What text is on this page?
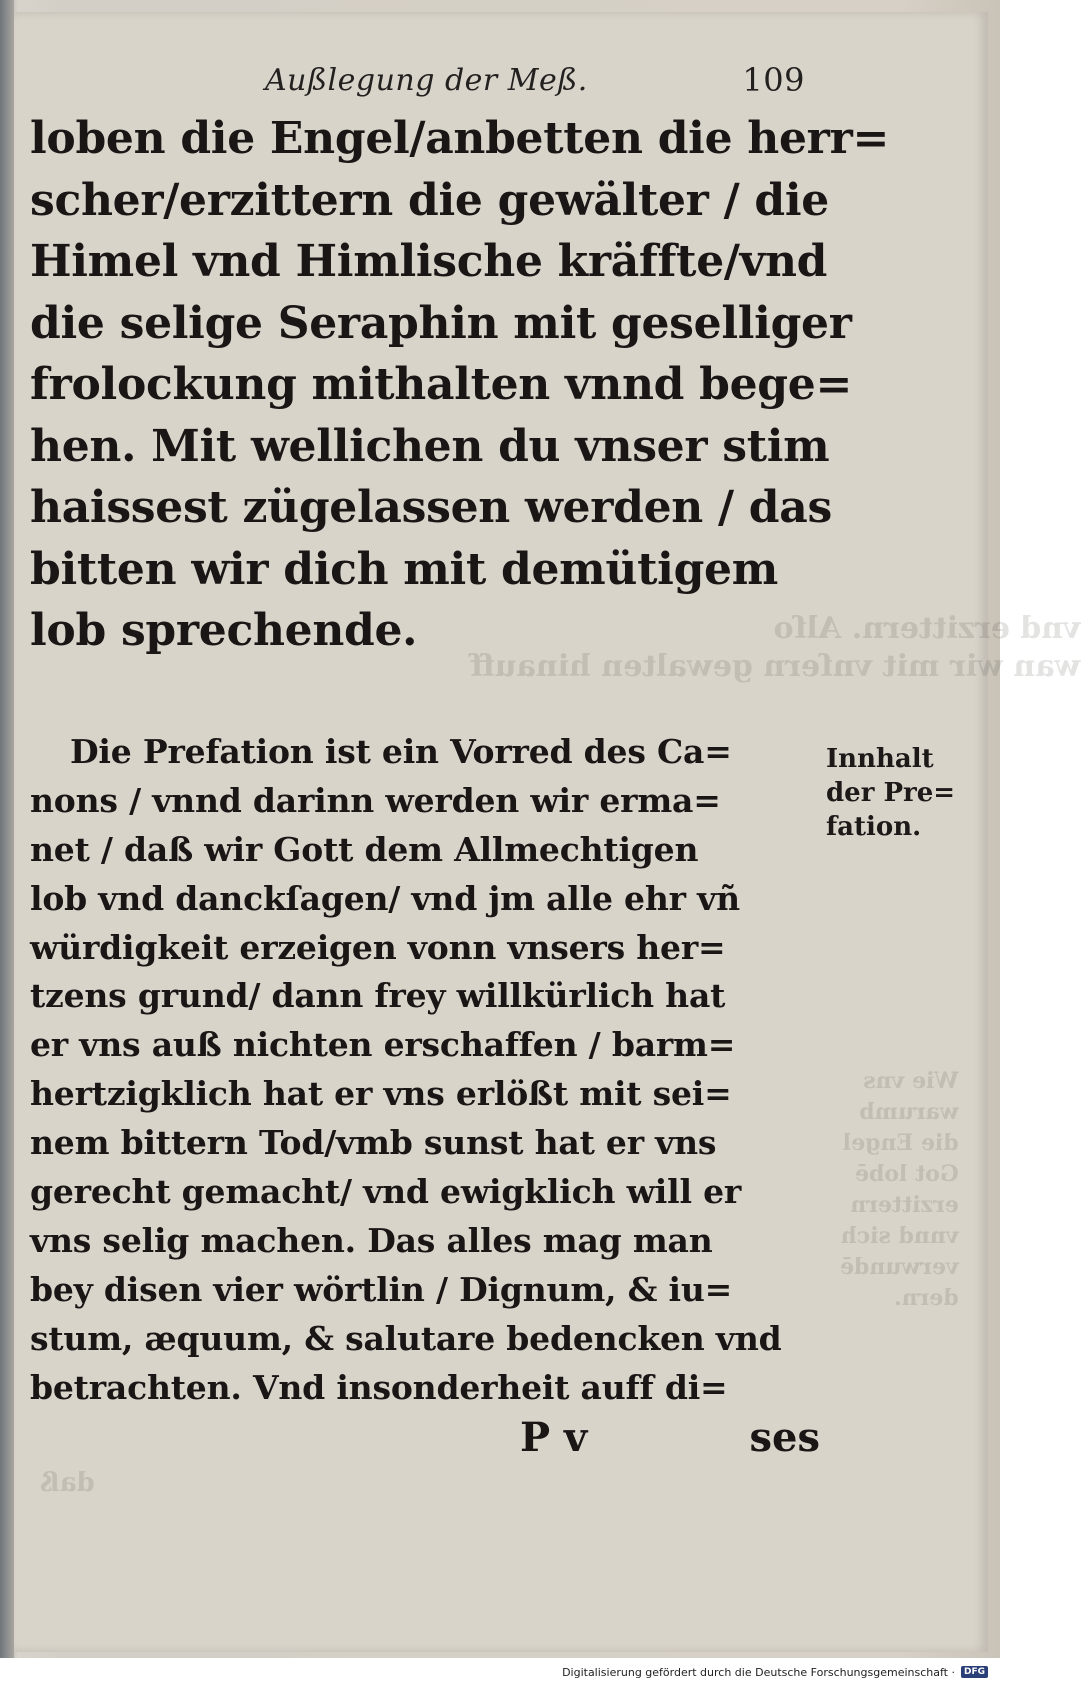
vnd
wan
Außlegung der Meß.	109
loben die Engel/anbetten die herr=
scher/erzittern die gewälter / die
Himel vnd Himlische kräffte/vnd
die selige Seraphin mit geselliger
frolockung mithalten vnnd bege=
hen. Mit wellichen du vnser stim
haissest zügelassen werden / das
bitten wir dich mit demütigem
lob sprechende.
Die Prefation ist ein Vorred des Ca=
nons / vnnd darinn werden wir erma=
net / daß wir Gott dem Allmechtigen
lob vnd danckſagen/ vnd jm alle ehr vñ
würdigkeit erzeigen vonn vnsers her=
tzens grund/ dann frey willkürlich hat
er vns auß nichten erschaffen / barm=
hertzigklich hat er vns erlößt mit sei=
nem bittern Tod/vmb sunst hat er vns
gerecht gemacht/ vnd ewigklich will er
vns selig machen. Das alles mag man
bey disen vier wörtlin / Dignum, & iu=
stum, æquum, & salutare bedencken vnd
betrachten. Vnd insonderheit auff di=
P v	ses
Innhalt
der Pre=
fation.
Digitalisierung gefördert durch die Deutsche Forschungsgemeinschaft ·	DFG
